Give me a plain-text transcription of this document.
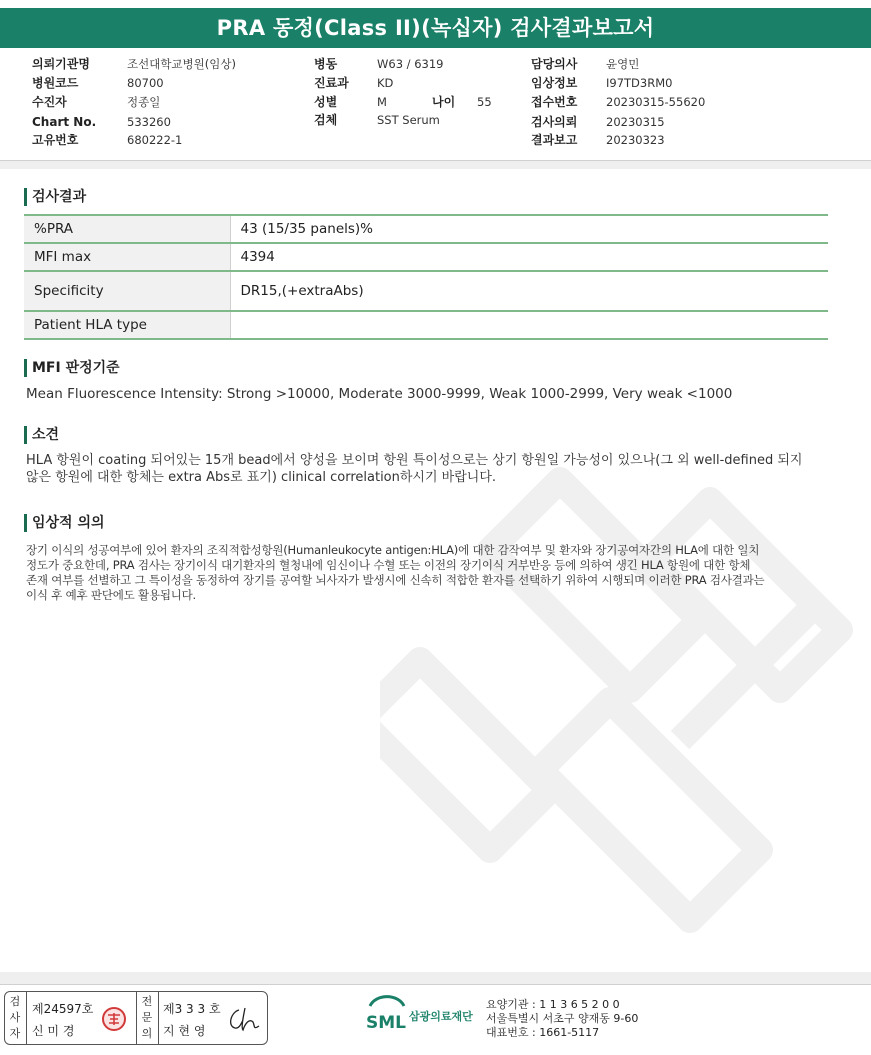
PRA 동정(Class II)(녹십자) 검사결과보고서
의뢰기관명	조선대학교병원(임상)	병동	W63 / 6319	담당의사 윤영민
병원코드	80700	진료과 KD	임상정보 I97TD3RM0
수진자	정종일	성별	M	나이 55	접수번호 20230315-55620
Chart No.	533260	검체	SST Serum	검사의뢰 20230315
고유번호	680222-1	결과보고 20230323
검사결과
%PRA	43 (15/35 panels)%
MFI max	4394
Specificity	DR15,(+extraAbs)
Patient HLA type	
MFI 판정기준
Mean Fluorescence Intensity: Strong >10000, Moderate 3000-9999, Weak 1000-2999, Very weak <1000
소견
HLA 항원이 coating 되어있는 15개 bead에서 양성을 보이며 항원 특이성으로는 상기 항원일 가능성이 있으나(그 외 well-defined 되지
않은 항원에 대한 항체는 extra Abs로 표기) clinical correlation하시기 바랍니다.
임상적 의의
장기 이식의 성공여부에 있어 환자의 조직적합성항원(Humanleukocyte antigen:HLA)에 대한 감작여부 및 환자와 장기공여자간의 HLA에 대한 일치
정도가 중요한데, PRA 검사는 장기이식 대기환자의 혈청내에 임신이나 수혈 또는 이전의 장기이식 거부반응 등에 의하여 생긴 HLA 항원에 대한 항체
존재 여부를 선별하고 그 특이성을 동정하여 장기를 공여할 뇌사자가 발생시에 신속히 적합한 환자를 선택하기 위하여 시행되며 이러한 PRA 검사결과는
이식 후 예후 판단에도 활용됩니다.
검사자
제24597호
신 미 경
전문의
제3 3 3 호
지 현 영	SML 삼광의료재단
요양기관 : 1 1 3 6 5 2 0 0
서울특별시 서초구 양재동 9-60
대표번호 : 1661-5117
